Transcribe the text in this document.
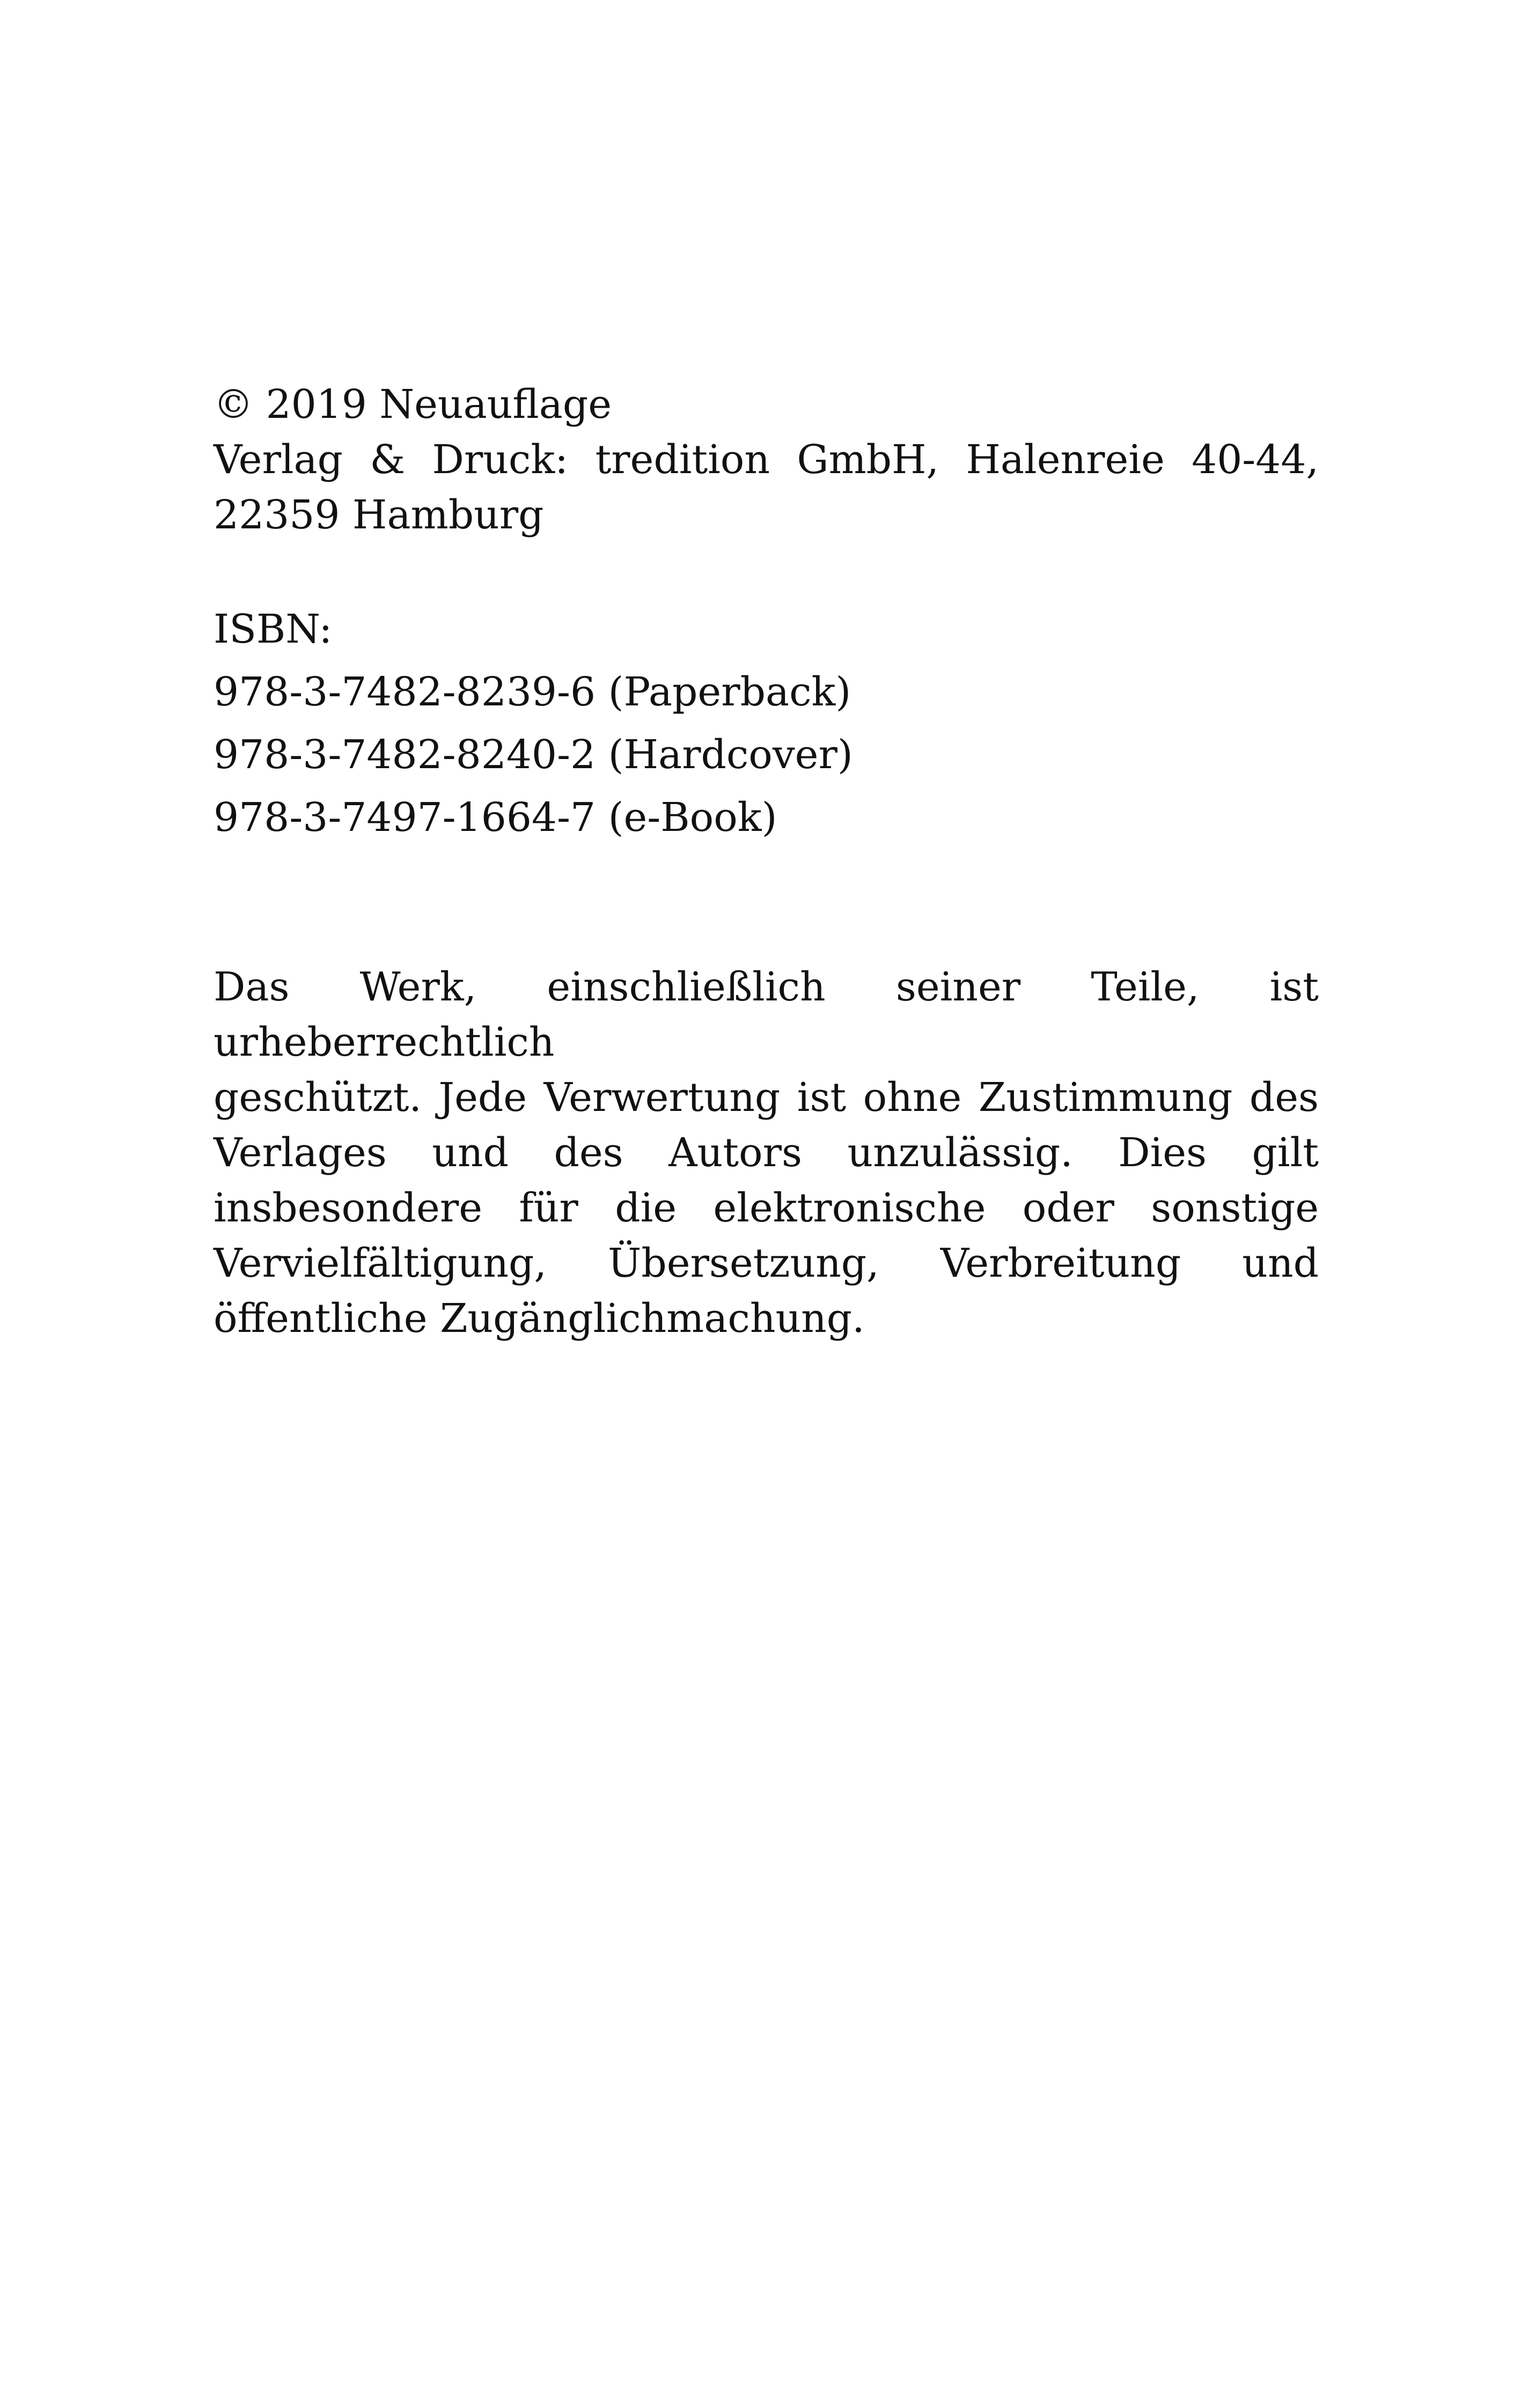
© 2019 Neuauflage
Verlag & Druck: tredition GmbH, Halenreie 40-44,
22359 Hamburg
ISBN:
978-3-7482-8239-6 (Paperback)
978-3-7482-8240-2 (Hardcover)
978-3-7497-1664-7 (e-Book)
Das Werk, einschließlich seiner Teile, ist urheberrechtlich
geschützt. Jede Verwertung ist ohne Zustimmung des
Verlages und des Autors unzulässig. Dies gilt
insbesondere für die elektronische oder sonstige
Vervielfältigung, Übersetzung, Verbreitung und
öffentliche Zugänglichmachung.
